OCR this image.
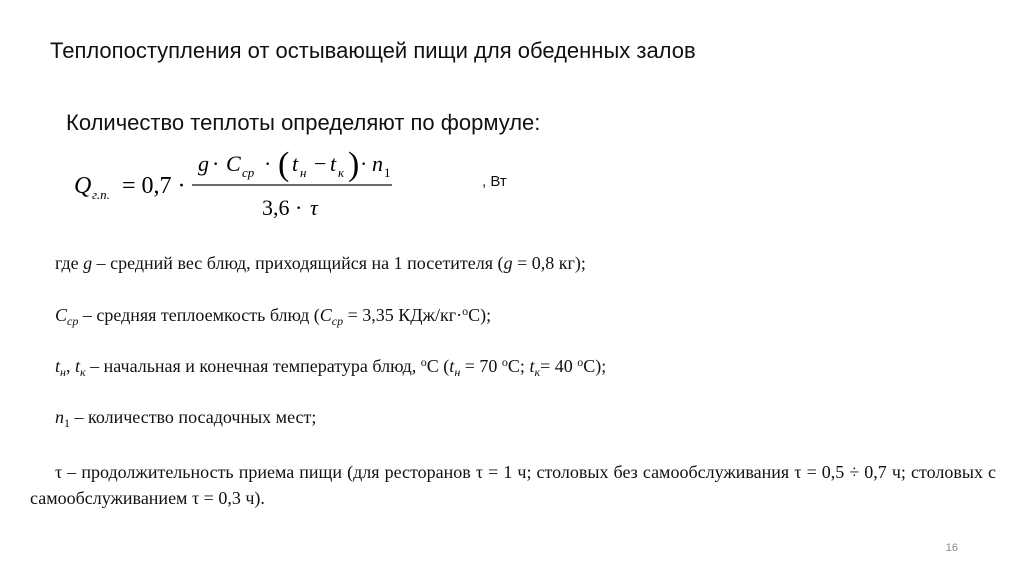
Теплопоступления от остывающей пищи для обеденных залов
Количество теплоты определяют по формуле:
Q г.п. = 0,7 ·
g · C ср · ( t н − t к ) · n 1
3,6 · τ
, Вт
где g – средний вес блюд, приходящийся на 1 посетителя (g = 0,8 кг);
$С_{ср}$ – средняя теплоемкость блюд ($С_{ср} = 3,35$ КДж/кг·$^о$С);
$t_н$, $t_к$ – начальная и конечная температура блюд, $^о$С ($t_н = 70$ $^о$С; $t_к= 40$ $^о$С);
$n_1$ – количество посадочных мест;
τ – продолжительность приема пищи (для ресторанов τ = 1 ч; столовых без самообслуживания τ = 0,5 ÷ 0,7 ч; столовых с самообслуживанием τ = 0,3 ч).
16
